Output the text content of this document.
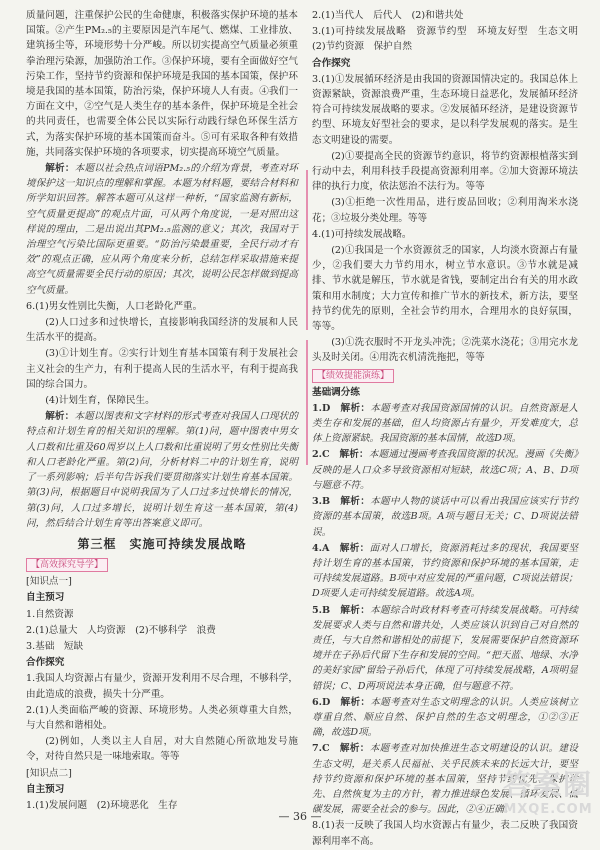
质量问题，注重保护公民的生命健康，积极落实保护环境的基本国策。②产生PM₂.₅的主要原因是汽车尾气、燃煤、工业排放、建筑扬尘等，环境形势十分严峻。所以切实提高空气质量必须重拳治理污染源，加强防治工作。③保护环境，要有全面做好空气污染工作，坚持节约资源和保护环境是我国的基本国策，保护环境是我国的基本国策，防治污染，保护环境人人有责。④我们一方面在文中，②空气是人类生存的基本条件，保护环境是全社会的共同责任，也需要全体公民以实际行动践行绿色环保生活方式，为落实保护环境的基本国策而奋斗。⑤可有采取各种有效措施，共同落实保护环境的各项要求，切实提高环境空气质量。

解析：本题以社会热点词语PM₂.₅的介绍为背景，考查对环境保护这一知识点的理解和掌握。本题为材料题，要结合材料和所学知识回答。解答本题可从这样一种析，“国家监测有新标，空气质量更提高”的观点片面，可从两个角度说，一是对照出这样说的理由，二是出说出其PM₂.₅监测的意义；其次，我国对于治理空气污染比国际更重要。“防治污染最重要，全民行动才有效”的观点正确，应从两个角度来分析，总结怎样采取措施来提高空气质量需要全民行动的原因；其次，说明公民怎样做到提高空气质量。

6.(1)男女性别比失衡，人口老龄化严重。

(2)人口过多和过快增长，直接影响我国经济的发展和人民生活水平的提高。

(3)①计划生育。②实行计划生育基本国策有利于发展社会主义社会的生产力，有利于提高人民的生活水平，有利于提高我国的综合国力。

(4)计划生育，保障民生。

解析：本题以图表和文字材料的形式考查对我国人口现状的特点和计划生育的相关知识的理解。第(1)问，题中图表中男女人口数和比重及60周岁以上人口数和比重说明了男女性别比失衡和人口老龄化严重。第(2)问，分析材料二中的计划生育，说明了一系列影响；后半句告诉我们要贯彻落实计划生育基本国策。第(3)问，根据题目中说明我国为了人口过多过快增长的情况，第(3)问，人口过多增长，说明计划生育这一基本国策，第(4)问，然后结合计划生育等出答案意义即可。

第三框　实施可持续发展战略
【高效探究导学】

[知识点一]

自主预习

1.自然资源

2.(1)总量大　人均资源　(2)不够科学　浪费

3.基础　短缺

合作探究

1.我国人均资源占有量少，资源开发利用不尽合理，不够科学，由此造成的浪费，损失十分严重。

2.(1)人类面临严峻的资源、环境形势。人类必须尊重大自然，与大自然和谐相处。

(2)例如，人类以主人自居，对大自然随心所欲地发号施令，对待自然只是一味地索取。等等

[知识点二]

自主预习

1.(1)发展问题　(2)环境恶化　生存

2.(1)当代人　后代人　(2)和谐共处

3.(1)可持续发展战略　资源节约型　环境友好型　生态文明　(2)节约资源　保护自然

合作探究

3.(1)①发展循环经济是由我国的资源国情决定的。我国总体上资源紧缺，资源浪费严重，生态环境日益恶化，发展循环经济符合可持续发展战略的要求。②发展循环经济，是建设资源节约型、环境友好型社会的要求，是以科学发展观的落实。是生态文明建设的需要。

(2)①要提高全民的资源节约意识，将节约资源根植落实到行动中去，利用科技手段提高资源利用率。②加大资源环境法律的执行力度，依法惩治不法行为。等等

(3)①拒绝一次性用品，进行废品回收；②利用淘米水浇花；③垃圾分类处理。等等

4.(1)可持续发展战略。

(2)①我国是一个水资源贫乏的国家，人均淡水资源占有量少，②我们要大力节约用水，树立节水意识。③节水就是减排、节水就是解压，节水就是省钱，要制定出台有关的用水政策和用水制度；大力宣传和推广节水的新技术，新方法，要坚持节约优先的原则，全社会节约用水，合理用水的良好氛围，等等。

(3)①洗衣服时不开龙头冲洗；②洗菜水浇花；③用完水龙头及时关闭。④用洗衣机清洗拖把，等等

【绩效提能演练】

基础调分练

1.D　解析：本题考查对我国资源国情的认识。自然资源是人类生存和发展的基础，但人均资源占有量少，开发难度大，总体上资源紧缺。我国资源的基本国情，故选D项。

2.C　解析：本题通过漫画考查我国资源的状况。漫画《失衡》反映的是人口众多导致资源相对短缺，故选C项；A、B、D项与题意不符。

3.B　解析：本题中人物的谈话中可以看出我国应该实行节约资源的基本国策，故选B项。A项与题目无关；C、D项说法错误。

4.A　解析：面对人口增长，资源消耗过多的现状，我国要坚持计划生育的基本国策，节约资源和保护环境的基本国策，走可持续发展道路。B项中对应发展的严重问题，C项说法错误；D项要人走可持续发展道路。故选A项。

5.B　解析：本题综合时政材料考查可持续发展战略。可持续发展要求人类与自然和谐共处，人类应该认识到自己对自然的责任，与大自然和谐相处的前提下，发展需要保护自然资源环境并在子孙后代留下生存和发展的空间。“把天蓝、地绿、水净的美好家园”留给子孙后代，体现了可持续发展战略，A项明显错误；C、D两项说法本身正确，但与题意不符。

6.D　解析：本题考查对生态文明理念的认识。人类应该树立尊重自然、顺应自然、保护自然的生态文明理念，①②③正确，故选D项。

7.C　解析：本题考查对加快推进生态文明建设的认识。建设生态文明，是关系人民福祉、关乎民族未来的长远大计，要坚持节约资源和保护环境的基本国策，坚持节约优先、保护优先、自然恢复为主的方针，着力推进绿色发展、循环发展、低碳发展，需要全社会的参与。因此，②④正确。

8.(1)表一反映了我国人均水资源占有量少，表二反映了我国资源利用率不高。

— 36 —
答案圈
MXQE.COM
